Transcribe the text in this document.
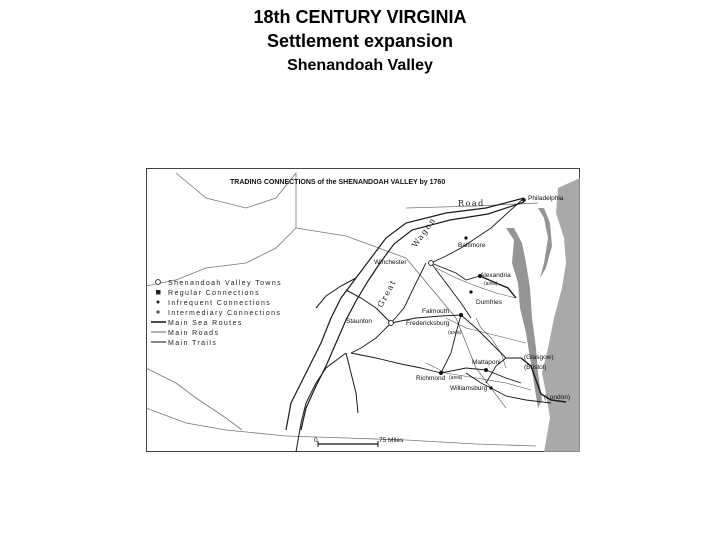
18th CENTURY VIRGINIA
Settlement expansion
Shenandoah Valley
TRADING CONNECTIONS of the SHENANDOAH VALLEY by 1760
Road
Wagon
Great
Shenandoah Valley Towns
Regular Connections
Infrequent Connections
Intermediary Connections
Main Sea Routes
Main Roads
Main Trails
Philadelphia
Baltimore
Winchester
Alexandria
(area)
Dumfries
Falmouth
Fredericksburg
(area)
Staunton
Mattaponi
Richmond (area)
Williamsburg
(Glasgow)
(Bristol)
(London)
0	75 Miles
